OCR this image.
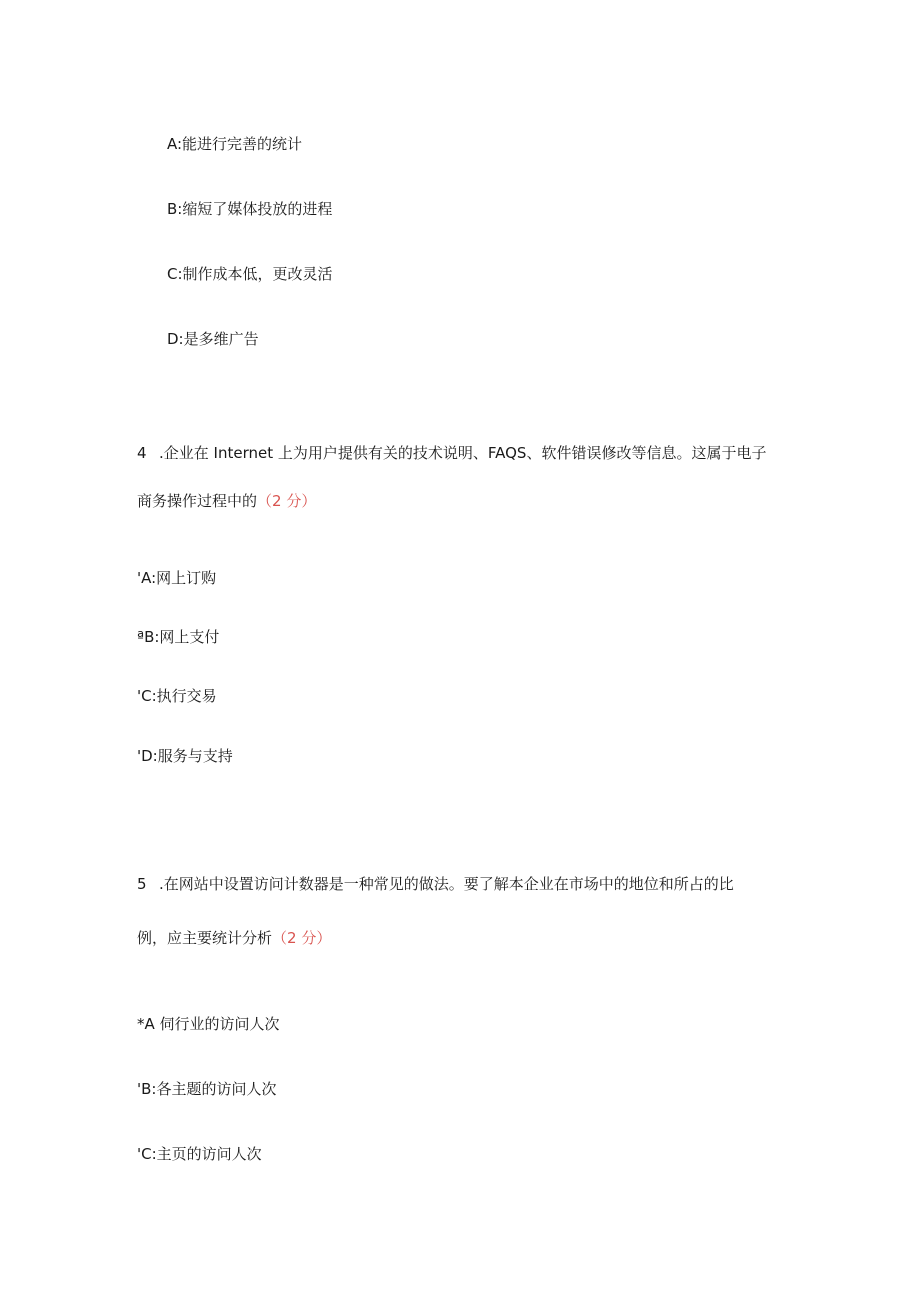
A:能进行完善的统计
B:缩短了媒体投放的进程
C:制作成本低，更改灵活
D:是多维广告
4 .企业在 Internet 上为用户提供有关的技术说明、FAQS、软件错误修改等信息。这属于电子
商务操作过程中的（2 分）
'A:网上订购
ªB:网上支付
'C:执行交易
'D:服务与支持
5 .在网站中设置访问计数器是一种常见的做法。要了解本企业在市场中的地位和所占的比
例，应主要统计分析（2 分）
*A 伺行业的访问人次
'B:各主题的访问人次
'C:主页的访问人次
